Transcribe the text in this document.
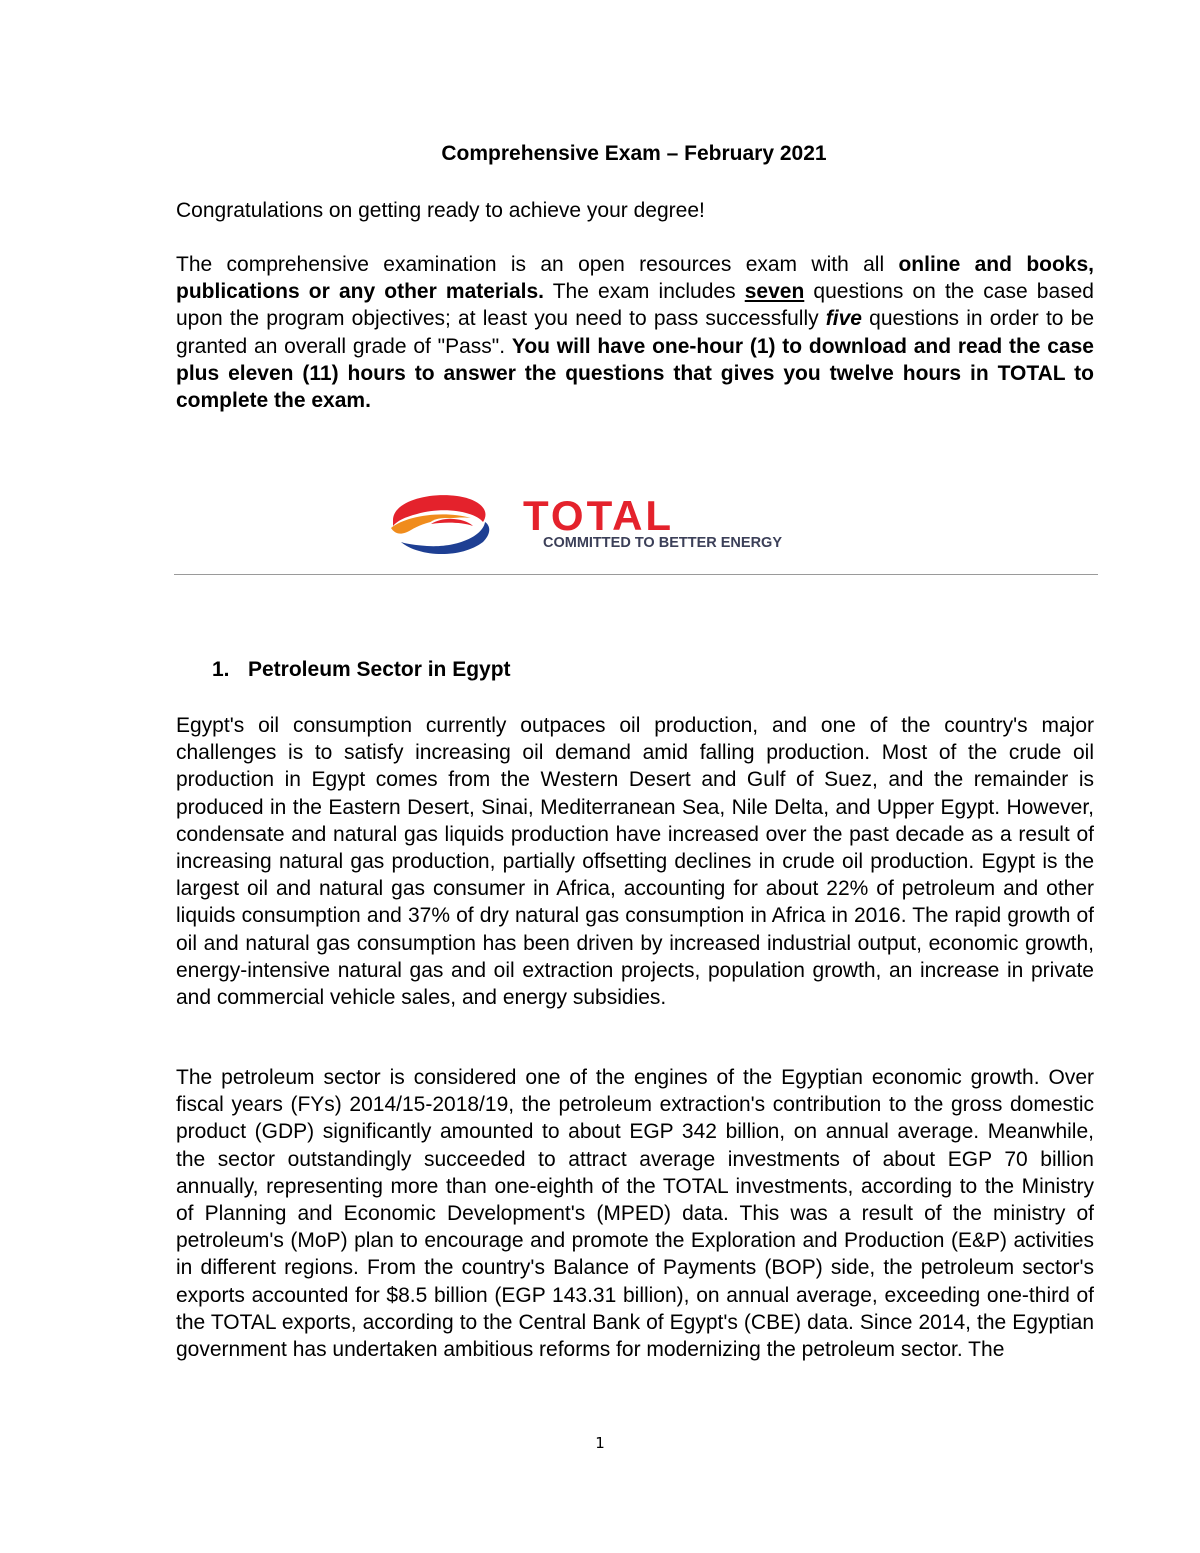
Comprehensive Exam – February 2021
Congratulations on getting ready to achieve your degree!
The comprehensive examination is an open resources exam with all online and books, publications or any other materials. The exam includes seven questions on the case based upon the program objectives; at least you need to pass successfully five questions in order to be granted an overall grade of "Pass". You will have one-hour (1) to download and read the case plus eleven (11) hours to answer the questions that gives you twelve hours in TOTAL to complete the exam.
TOTAL
COMMITTED TO BETTER ENERGY
1. Petroleum Sector in Egypt
Egypt's oil consumption currently outpaces oil production, and one of the country's major challenges is to satisfy increasing oil demand amid falling production. Most of the crude oil production in Egypt comes from the Western Desert and Gulf of Suez, and the remainder is produced in the Eastern Desert, Sinai, Mediterranean Sea, Nile Delta, and Upper Egypt. However, condensate and natural gas liquids production have increased over the past decade as a result of increasing natural gas production, partially offsetting declines in crude oil production. Egypt is the largest oil and natural gas consumer in Africa, accounting for about 22% of petroleum and other liquids consumption and 37% of dry natural gas consumption in Africa in 2016. The rapid growth of oil and natural gas consumption has been driven by increased industrial output, economic growth, energy-intensive natural gas and oil extraction projects, population growth, an increase in private and commercial vehicle sales, and energy subsidies.
The petroleum sector is considered one of the engines of the Egyptian economic growth. Over fiscal years (FYs) 2014/15-2018/19, the petroleum extraction's contribution to the gross domestic product (GDP) significantly amounted to about EGP 342 billion, on annual average. Meanwhile, the sector outstandingly succeeded to attract average investments of about EGP 70 billion annually, representing more than one-eighth of the TOTAL investments, according to the Ministry of Planning and Economic Development's (MPED) data. This was a result of the ministry of petroleum's (MoP) plan to encourage and promote the Exploration and Production (E&P) activities in different regions. From the country's Balance of Payments (BOP) side, the petroleum sector's exports accounted for $8.5 billion (EGP 143.31 billion), on annual average, exceeding one-third of the TOTAL exports, according to the Central Bank of Egypt's (CBE) data. Since 2014, the Egyptian government has undertaken ambitious reforms for modernizing the petroleum sector. The
1
